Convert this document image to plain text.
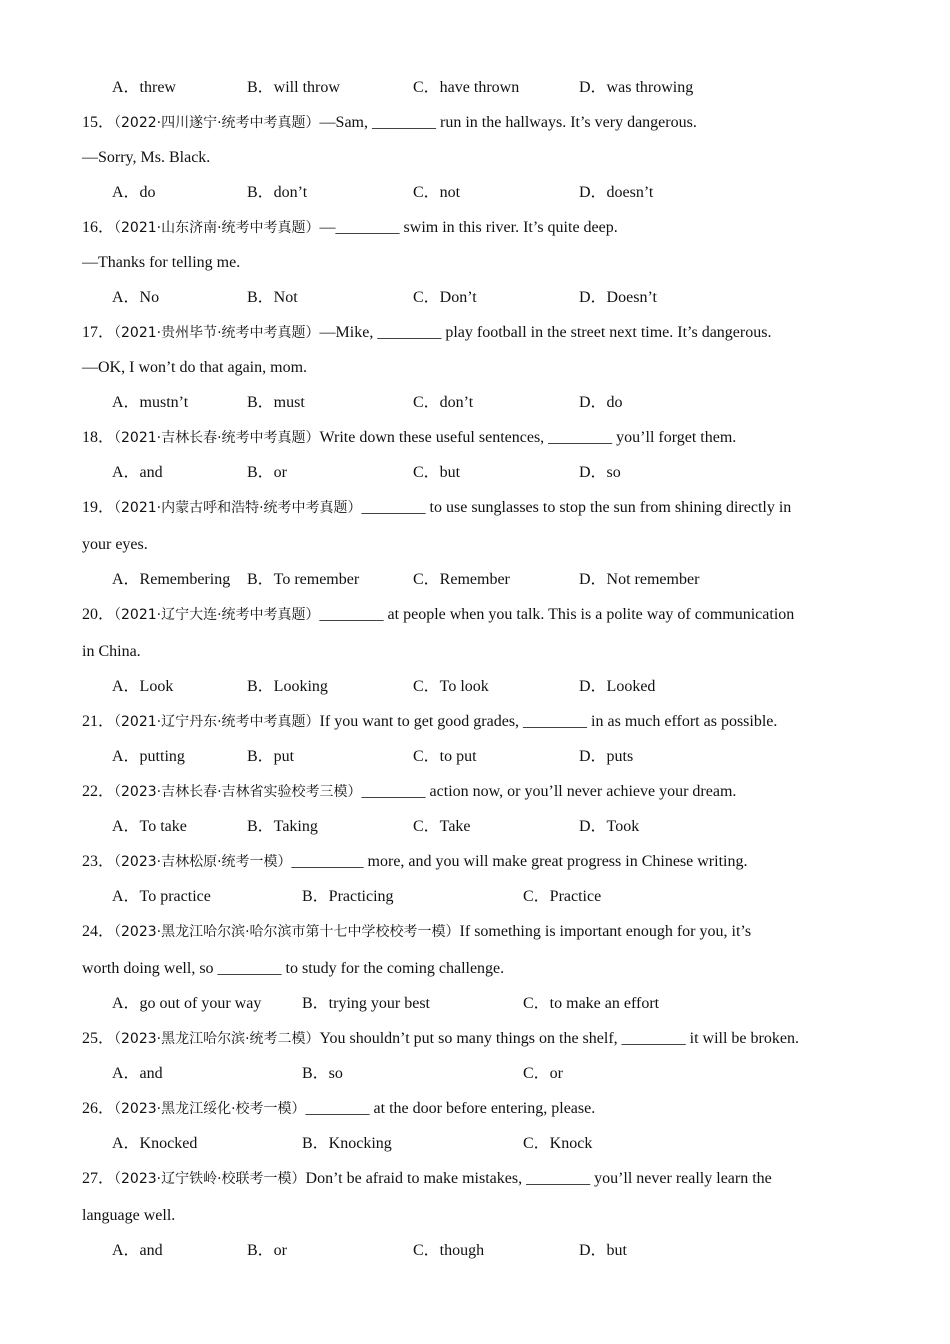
A．threw	B．will throw	C．have thrown	D．was throwing
15．（2022·四川遂宁·统考中考真题）—Sam, ________ run in the hallways. It’s very dangerous.
—Sorry, Ms. Black.
A．do	B．don’t	C．not	D．doesn’t
16．（2021·山东济南·统考中考真题）—________ swim in this river. It’s quite deep.
—Thanks for telling me.
A．No	B．Not	C．Don’t	D．Doesn’t
17．（2021·贵州毕节·统考中考真题）—Mike, ________ play football in the street next time. It’s dangerous.
—OK, I won’t do that again, mom.
A．mustn’t	B．must	C．don’t	D．do
18．（2021·吉林长春·统考中考真题）Write down these useful sentences, ________ you’ll forget them.
A．and	B．or	C．but	D．so
19．（2021·内蒙古呼和浩特·统考中考真题）________ to use sunglasses to stop the sun from shining directly in
your eyes.
A．Remembering B．To remember	C．Remember	D．Not remember
20．（2021·辽宁大连·统考中考真题）________ at people when you talk. This is a polite way of communication
in China.
A．Look	B．Looking	C．To look	D．Looked
21．（2021·辽宁丹东·统考中考真题）If you want to get good grades, ________ in as much effort as possible.
A．putting	B．put	C．to put	D．puts
22．（2023·吉林长春·吉林省实验校考三模）________ action now, or you’ll never achieve your dream.
A．To take	B．Taking	C．Take	D．Took
23．（2023·吉林松原·统考一模）_________ more, and you will make great progress in Chinese writing.
A．To practice	B．Practicing	C．Practice
24．（2023·黑龙江哈尔滨·哈尔滨市第十七中学校校考一模）If something is important enough for you, it’s
worth doing well, so ________ to study for the coming challenge.
A．go out of your way	B．trying your best	C．to make an effort
25．（2023·黑龙江哈尔滨·统考二模）You shouldn’t put so many things on the shelf, ________ it will be broken.
A．and	B．so	C．or
26．（2023·黑龙江绥化·校考一模）________ at the door before entering, please.
A．Knocked	B．Knocking	C．Knock
27．（2023·辽宁铁岭·校联考一模）Don’t be afraid to make mistakes, ________ you’ll never really learn the
language well.
A．and	B．or	C．though	D．but
